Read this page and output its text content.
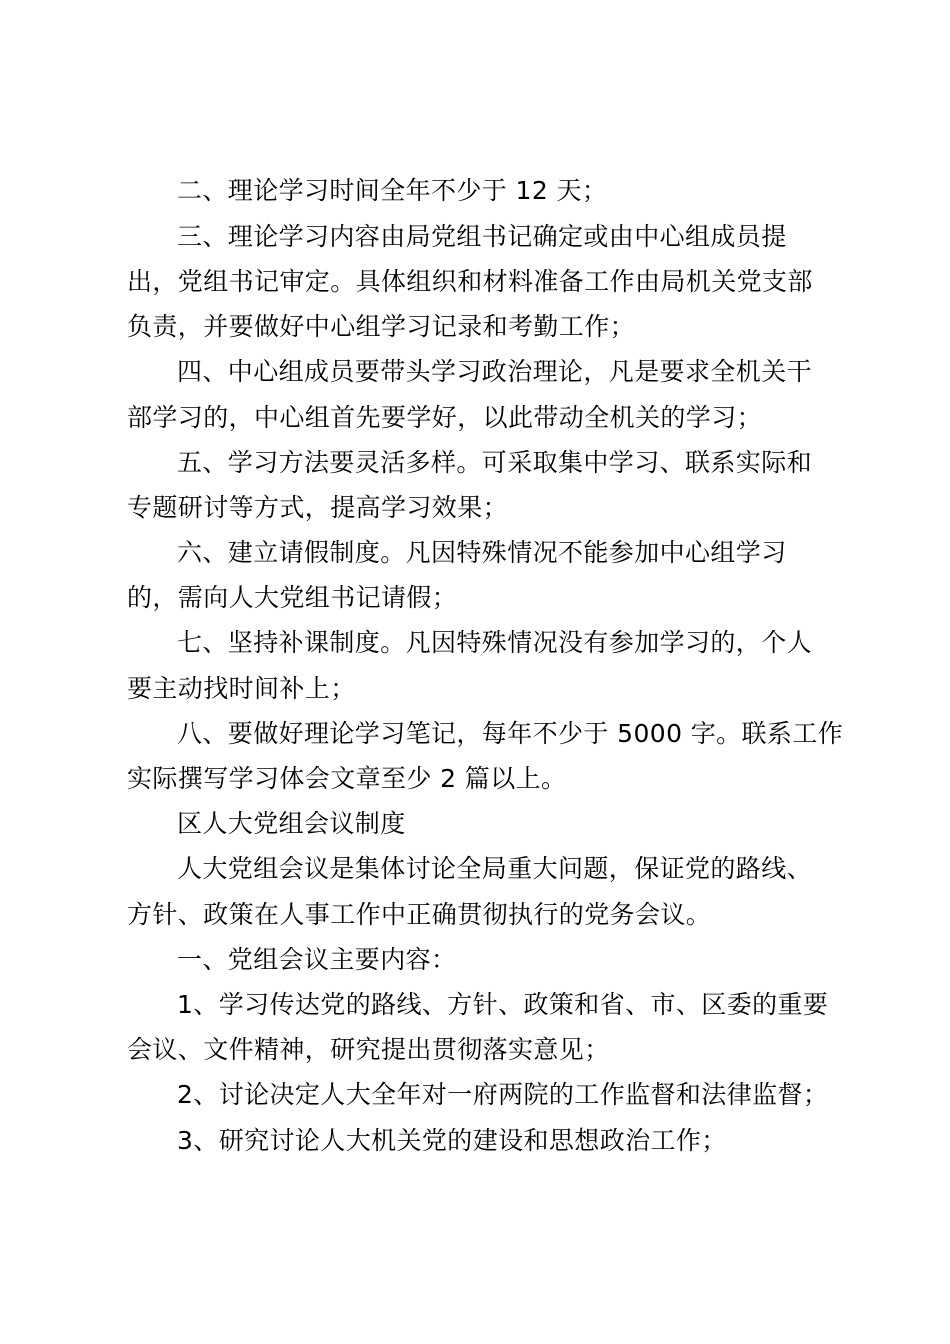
二、理论学习时间全年不少于 12 天；

三、理论学习内容由局党组书记确定或由中心组成员提

出，党组书记审定。具体组织和材料准备工作由局机关党支部

负责，并要做好中心组学习记录和考勤工作；

四、中心组成员要带头学习政治理论，凡是要求全机关干

部学习的，中心组首先要学好，以此带动全机关的学习；

五、学习方法要灵活多样。可采取集中学习、联系实际和

专题研讨等方式，提高学习效果；

六、建立请假制度。凡因特殊情况不能参加中心组学习

的，需向人大党组书记请假；

七、坚持补课制度。凡因特殊情况没有参加学习的，个人

要主动找时间补上；

八、要做好理论学习笔记，每年不少于 5000 字。联系工作

实际撰写学习体会文章至少 2 篇以上。

区人大党组会议制度

人大党组会议是集体讨论全局重大问题，保证党的路线、

方针、政策在人事工作中正确贯彻执行的党务会议。

一、党组会议主要内容：

1、学习传达党的路线、方针、政策和省、市、区委的重要

会议、文件精神，研究提出贯彻落实意见；

2、讨论决定人大全年对一府两院的工作监督和法律监督；

3、研究讨论人大机关党的建设和思想政治工作；
